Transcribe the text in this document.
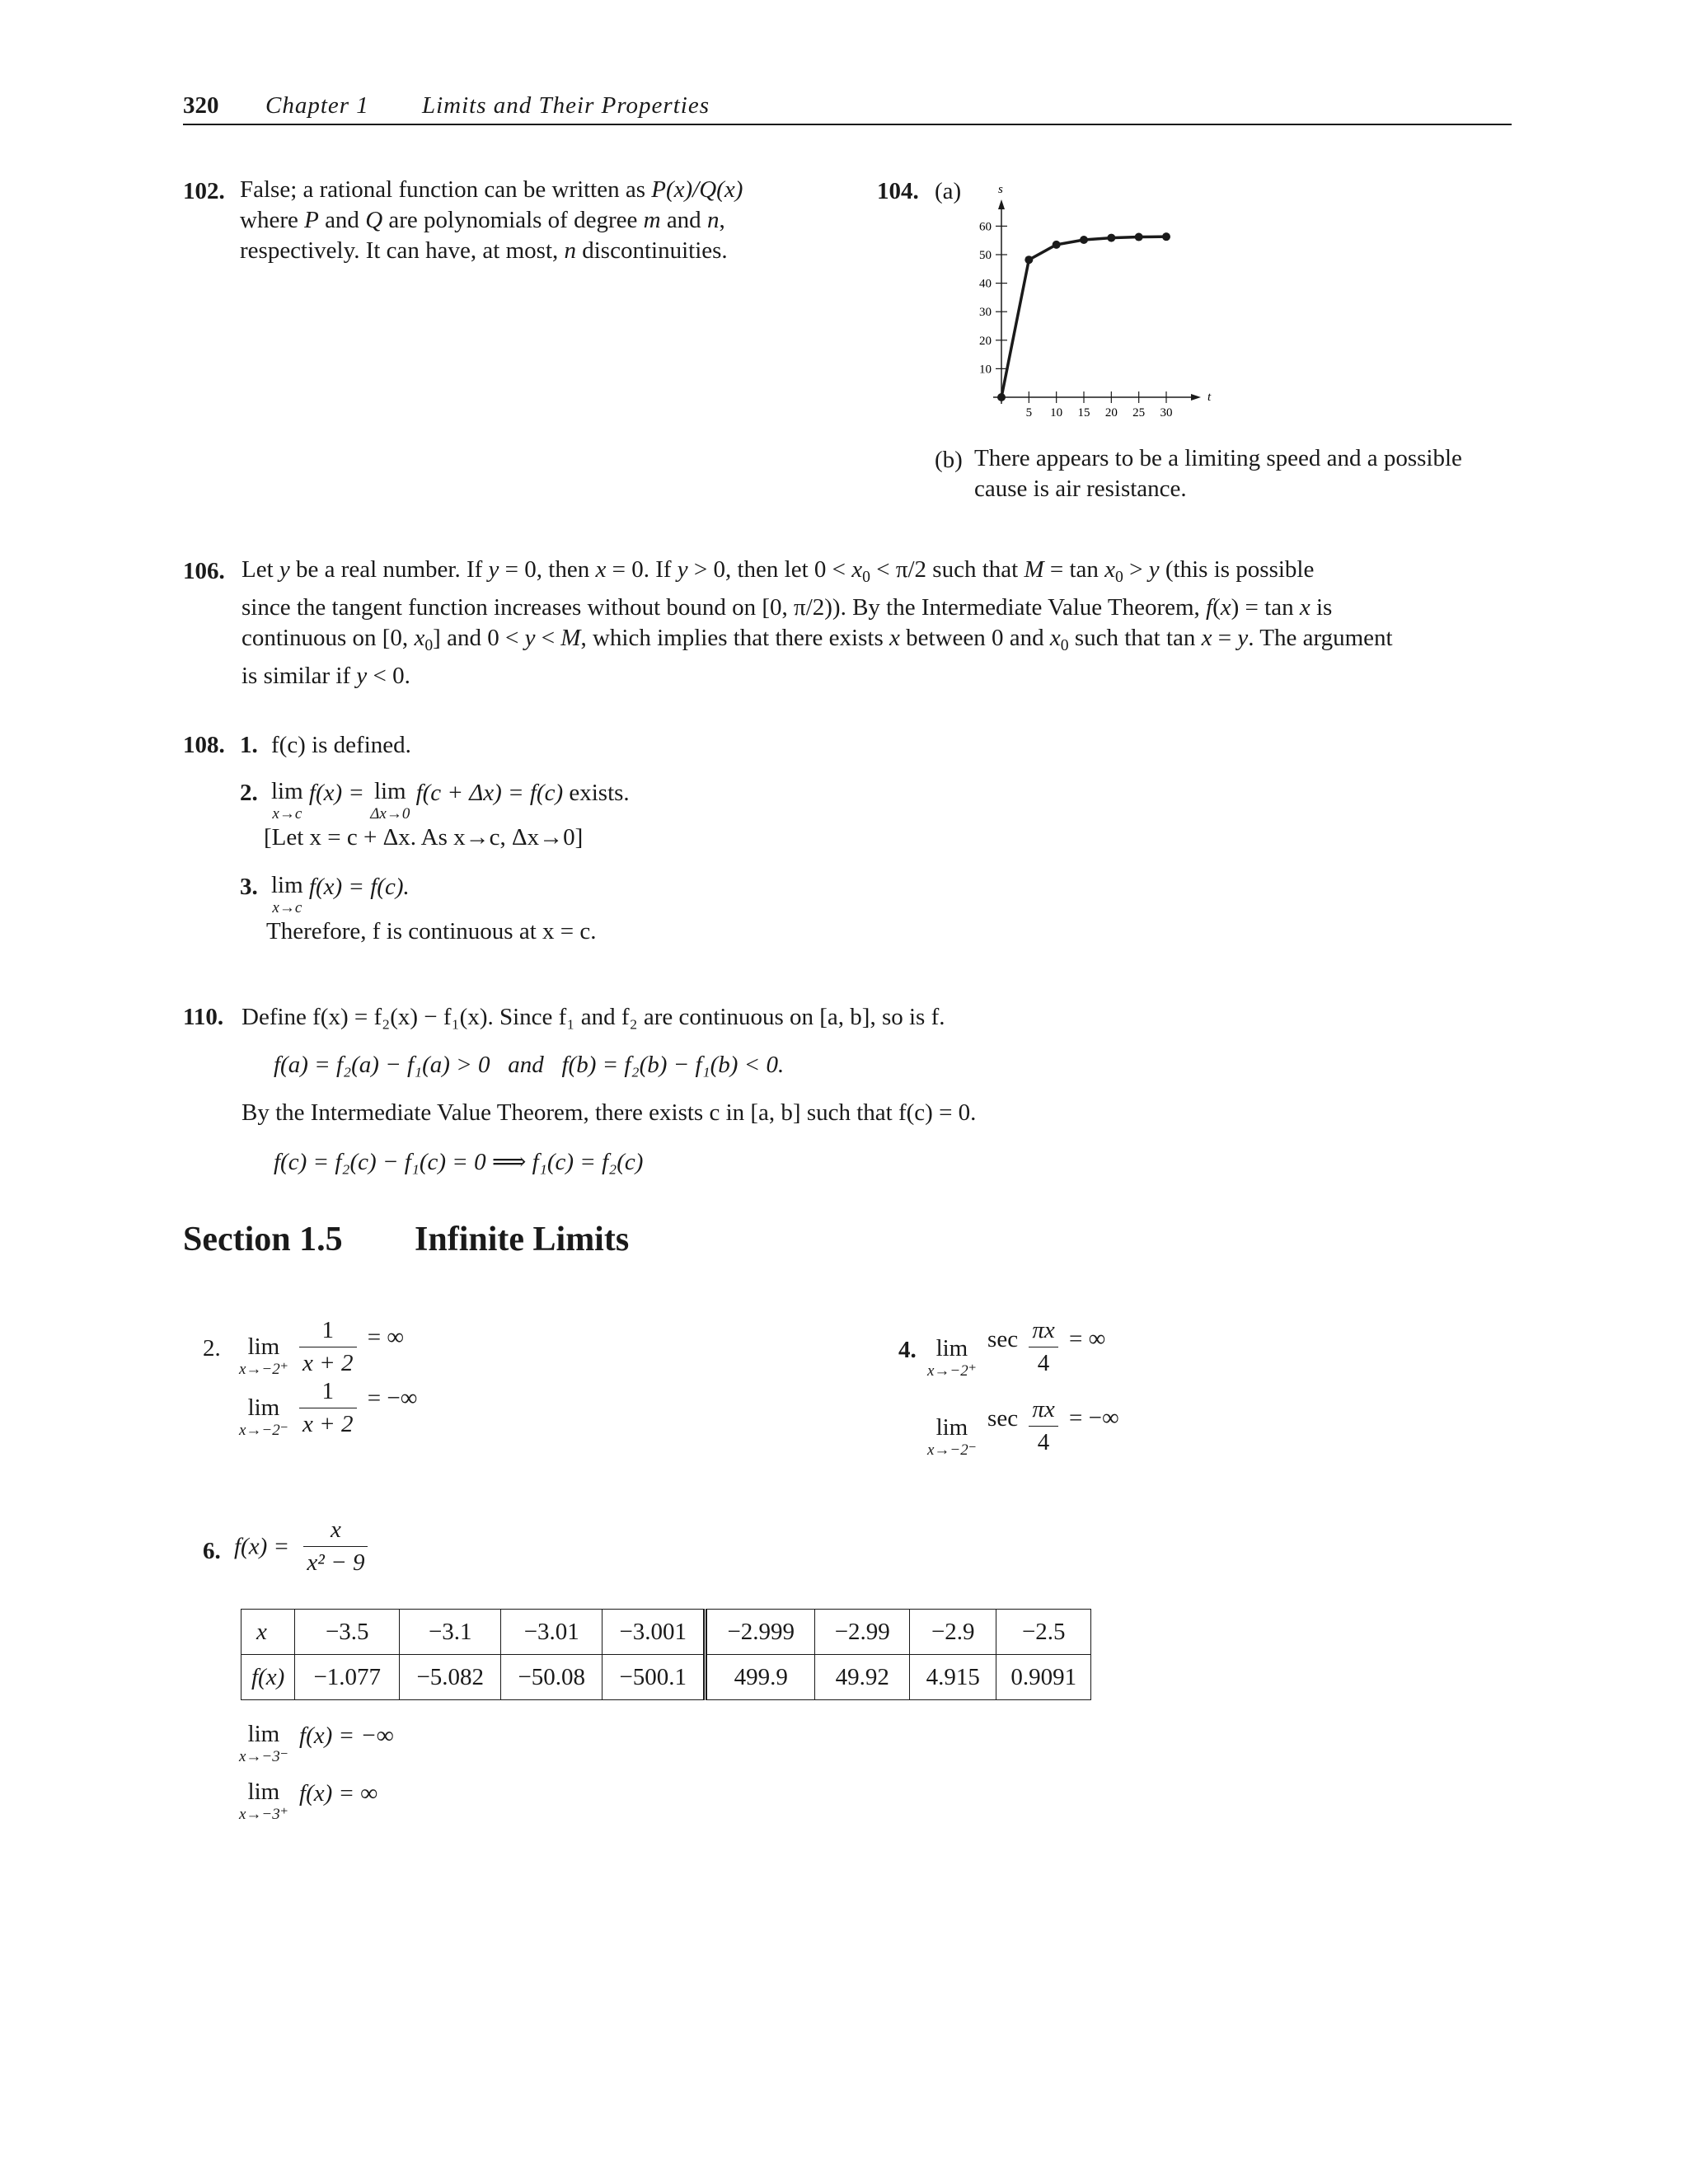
320 Chapter 1 Limits and Their Properties
102. False; a rational function can be written as P(x)/Q(x)
where P and Q are polynomials of degree m and n,
respectively. It can have, at most, n discontinuities.
104. (a)
t
s
5 10 15 20 25 30
10
20
30
40
50
60
(b) There appears to be a limiting speed and a possible
cause is air resistance.
106. Let y be a real number. If y = 0, then x = 0. If y > 0, then let $0 < x_0 < \pi/2$ such that $M = \tan x_0 > y$ (this is possible
since the tangent function increases without bound on [0, π/2)). By the Intermediate Value Theorem, f(x) = tan x is
continuous on [0, $x_0$] and 0 < y < M, which implies that there exists x between 0 and $x_0$ such that tan x = y. The argument
is similar if y < 0.
108. 1. f(c) is defined.
2. lim
x→c
f(x) = lim
Δx→0
f(c + Δx) = f(c) exists.
[Let x = c + Δx. As x→c, Δx→0]
3. lim
x→c
f(x) = f(c).
Therefore, f is continuous at x = c.
110. Define f(x) = f₂(x) − f₁(x). Since f₁ and f₂ are continuous on [a, b], so is f.
f(a) = f₂(a) − f₁(a) > 0   and   f(b) = f₂(b) − f₁(b) < 0.
By the Intermediate Value Theorem, there exists c in [a, b] such that f(c) = 0.
f(c) = f₂(c) − f₁(c) = 0 ⟹ f₁(c) = f₂(c)
Section 1.5 Infinite Limits
2.	lim
x→−2⁺
$\frac{1}{x + 2}$ = ∞
lim
x→−2⁻
$\frac{1}{x + 2}$ = −∞
4. lim
x→−2⁺
$\sec \frac{\pi x}{4}$ = ∞
lim
x→−2⁻
$\sec \frac{\pi x}{4}$ = −∞
6. $f(x) = \frac{x}{\text{x² − 9}}$
x	−3.5	−3.1	−3.01	−3.001	−2.999	−2.99	−2.9	−2.5
f(x)	−1.077	−5.082	−50.08	−500.1	499.9	49.92	4.915	0.9091
lim
x→−3⁻
f(x) = −∞
lim
x→−3⁺
f(x) = ∞
